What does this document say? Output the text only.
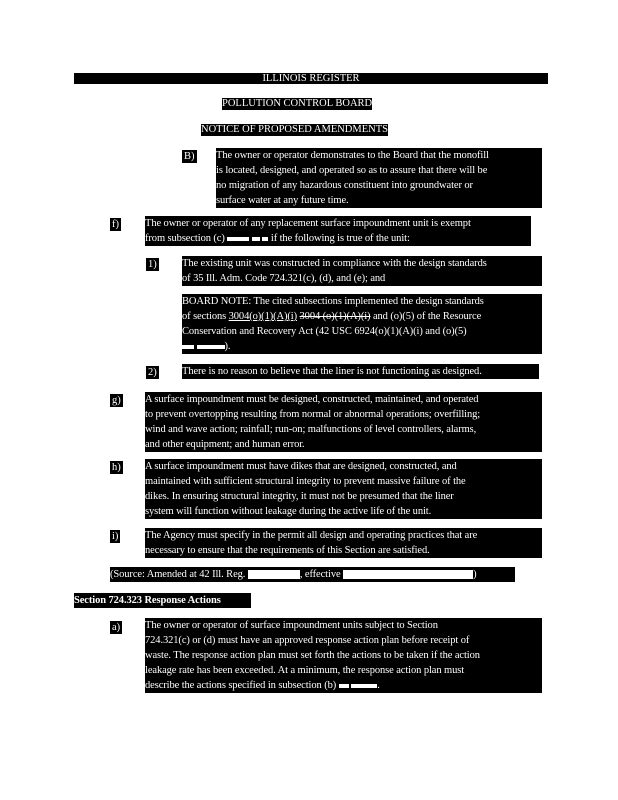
ILLINOIS REGISTER
POLLUTION CONTROL BOARD
NOTICE OF PROPOSED AMENDMENTS
B) The owner or operator demonstrates to the Board that the monofill
is located, designed, and operated so as to assure that there will be
no migration of any hazardous constituent into groundwater or
surface water at any future time.
f) The owner or operator of any replacement surface impoundment unit is exempt
from subsection (c)	if the following is true of the unit:
1) The existing unit was constructed in compliance with the design standards
of 35 Ill. Adm. Code 724.321(c), (d), and (e); and
BOARD NOTE: The cited subsections implemented the design standards
of sections 3004(o)(1)(A)(i) 3004 (o)(1)(A)(i) and (o)(5) of the Resource
Conservation and Recovery Act (42 USC 6924(o)(1)(A)(i) and (o)(5)
).
2) There is no reason to believe that the liner is not functioning as designed.
g) A surface impoundment must be designed, constructed, maintained, and operated
to prevent overtopping resulting from normal or abnormal operations; overfilling;
wind and wave action; rainfall; run-on; malfunctions of level controllers, alarms,
and other equipment; and human error.
h) A surface impoundment must have dikes that are designed, constructed, and
maintained with sufficient structural integrity to prevent massive failure of the
dikes. In ensuring structural integrity, it must not be presumed that the liner
system will function without leakage during the active life of the unit.
i)	The Agency must specify in the permit all design and operating practices that are
necessary to ensure that the requirements of this Section are satisfied.
(Source: Amended at 42 Ill. Reg.	, effective	)
Section 724.323 Response Actions
a) The owner or operator of surface impoundment units subject to Section
724.321(c) or (d) must have an approved response action plan before receipt of
waste. The response action plan must set forth the actions to be taken if the action
leakage rate has been exceeded. At a minimum, the response action plan must
describe the actions specified in subsection (b)	.
